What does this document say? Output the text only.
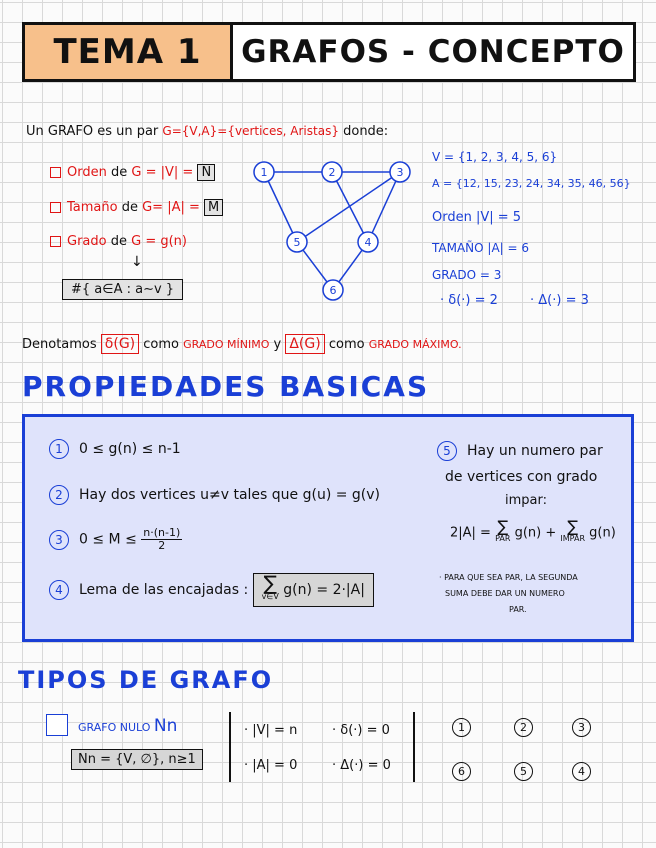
TEMA 1	GRAFOS - CONCEPTO
Un GRAFO es un par G={V,A}={vertices, Aristas} donde:
Orden de G = |V| = N
Tamaño de G= |A| = M
Grado de G = g(n)
↓
#{ a∈A : a∼v }
1	2	3
4
5
6
V = {1, 2, 3, 4, 5, 6}
A = {12, 15, 23, 24, 34, 35, 46, 56}
Orden |V| = 5
TAMAÑO |A| = 6
GRADO = 3
· δ(·) = 2 · Δ(·) = 3
Denotamos δ(G) como GRADO MÍNIMO y Δ(G) como GRADO MÁXIMO.
PROPIEDADES BASICAS
1 0 ≤ g(n) ≤ n-1
2 Hay dos vertices u≠v tales que g(u) = g(v)
3 $0 \le M \le \frac{n\cdot(n-1)}{2}$
4 Lema de las encajadas : ∑
v∈V g(n) = 2·|A|
5 Hay un numero par
de vertices con grado
impar:
2|A| = ∑
PAR g(n) + ∑
IMPAR g(n)
· PARA QUE SEA PAR, LA SEGUNDA
SUMA DEBE DAR UN NUMERO
PAR.
TIPOS DE GRAFO
GRAFO NULO Nn
Nn = {V, ∅}, n≥1
· |V| = n	· δ(·) = 0
· |A| = 0	· Δ(·) = 0
1	2	3
6	5	4
